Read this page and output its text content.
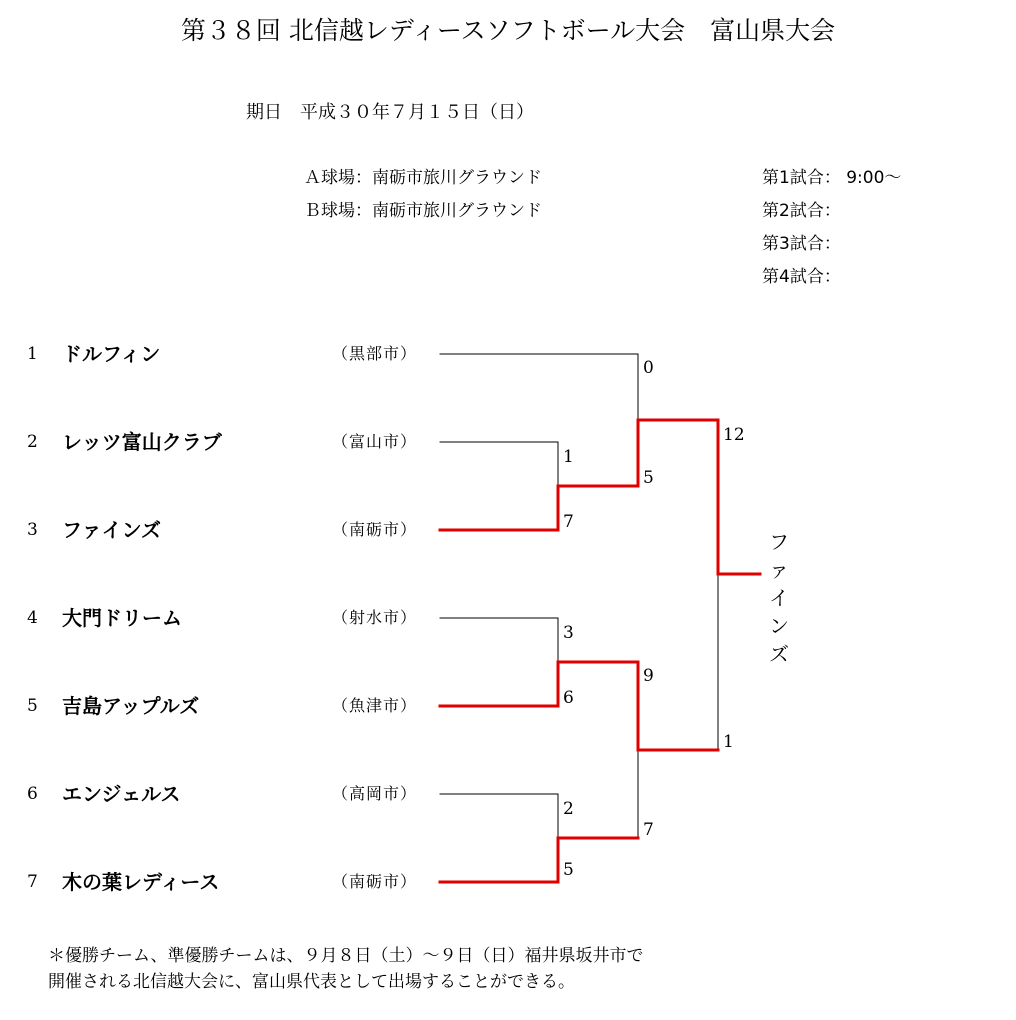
第３８回 北信越レディースソフトボール大会　富山県大会
期日　平成３０年７月１５日（日）
Ａ球場：南砺市旅川グラウンド
Ｂ球場：南砺市旅川グラウンド
第1試合： 9:00～
第2試合：
第3試合：
第4試合：
1 ドルフィン	（黒部市）
2 レッツ富山クラブ	（富山市）
3 ファインズ	（南砺市）
4 大門ドリーム	（射水市）
5 吉島アップルズ	（魚津市）
6 エンジェルス	（高岡市）
7 木の葉レディース	（南砺市）
1
7
3
6
2
5
0
5
9
7
12
1
ファインズ
＊優勝チーム、準優勝チームは、９月８日（土）～９日（日）福井県坂井市で
開催される北信越大会に、富山県代表として出場することができる。
